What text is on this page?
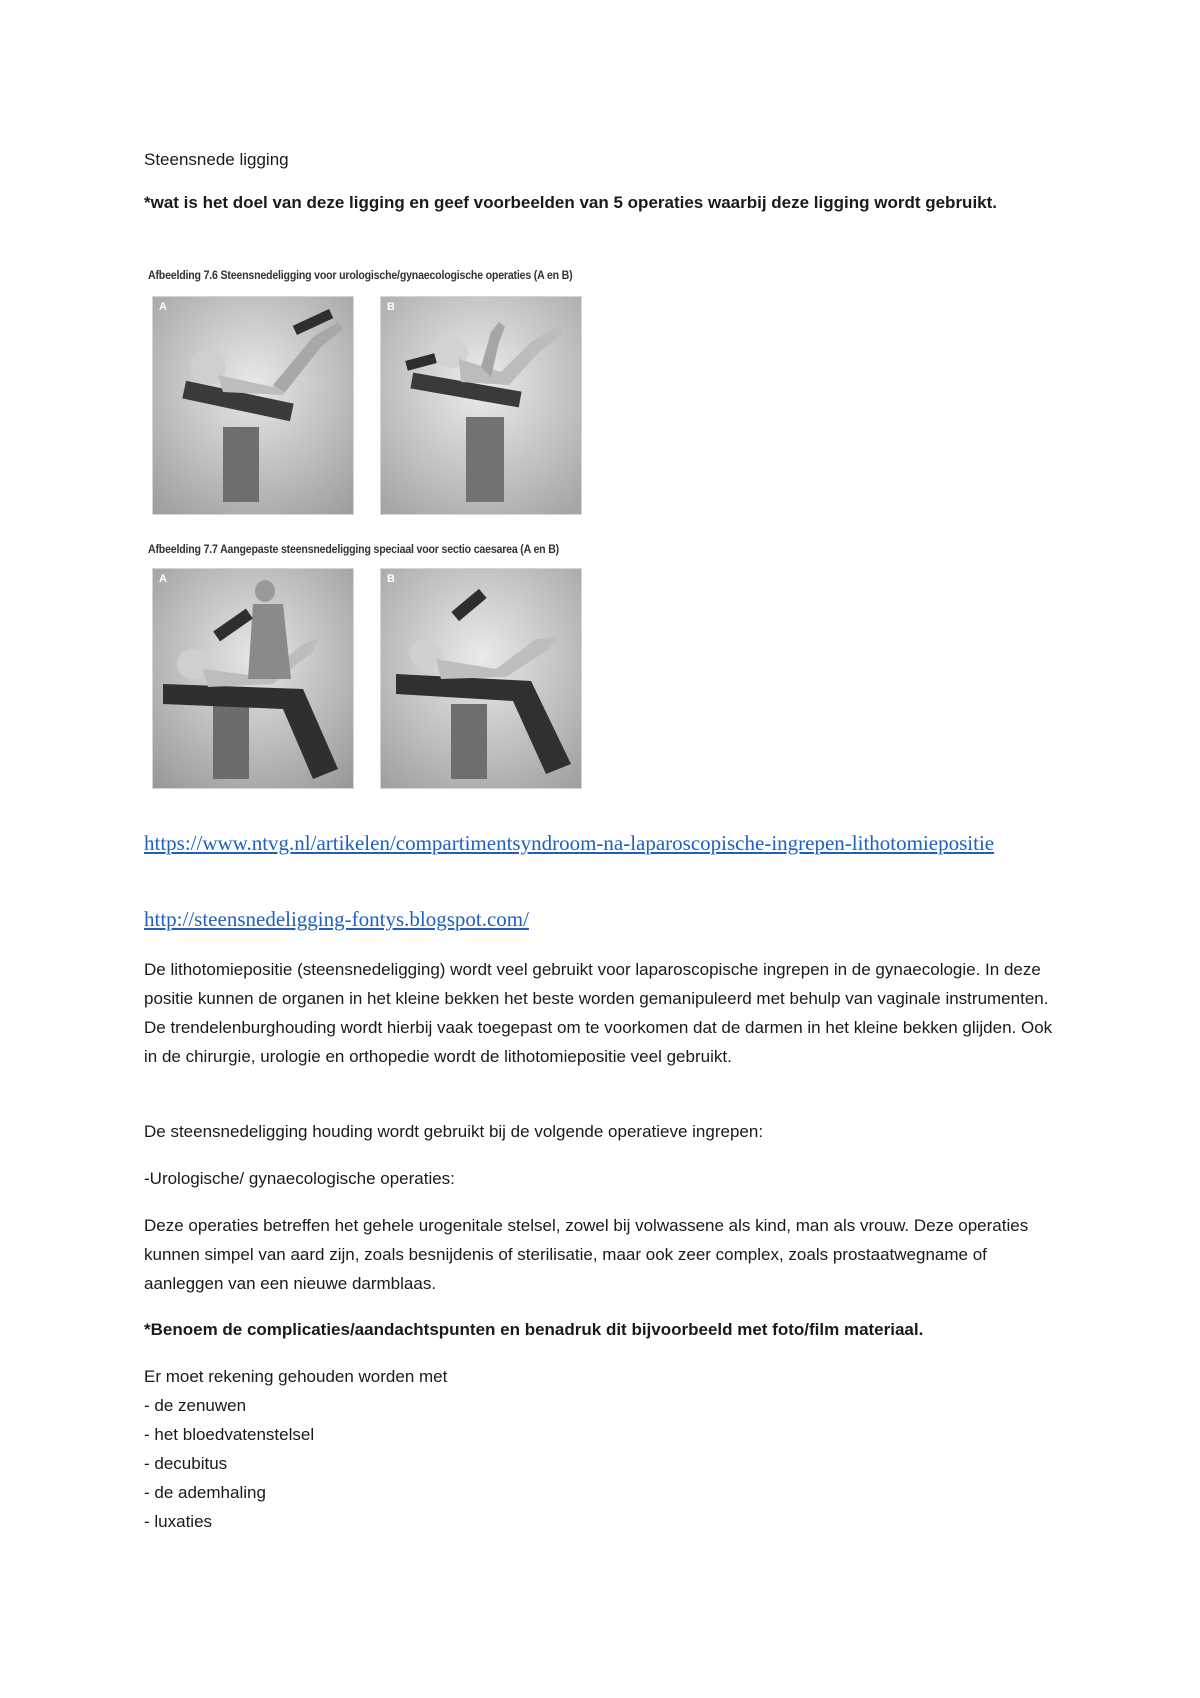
Steensnede ligging

*wat is het doel van deze ligging en geef voorbeelden van 5 operaties waarbij deze ligging wordt gebruikt.

Afbeelding 7.6 Steensnedeligging voor urologische/gynaecologische operaties (A en B)
A	B
Afbeelding 7.7 Aangepaste steensnedeligging speciaal voor sectio caesarea (A en B)
A	B
https://www.ntvg.nl/artikelen/compartimentsyndroom-na-laparoscopische-ingrepen-lithotomiepositie
http://steensnedeligging-fontys.blogspot.com/

De lithotomiepositie (steensnedeligging) wordt veel gebruikt voor laparoscopische ingrepen in de gynaecologie. In deze positie kunnen de organen in het kleine bekken het beste worden gemanipuleerd met behulp van vaginale instrumenten. De trendelenburghouding wordt hierbij vaak toegepast om te voorkomen dat de darmen in het kleine bekken glijden. Ook in de chirurgie, urologie en orthopedie wordt de lithotomiepositie veel gebruikt.

De steensnedeligging houding wordt gebruikt bij de volgende operatieve ingrepen:

-Urologische/ gynaecologische operaties:

Deze operaties betreffen het gehele urogenitale stelsel, zowel bij volwassene als kind, man als vrouw. Deze operaties kunnen simpel van aard zijn, zoals besnijdenis of sterilisatie, maar ook zeer complex, zoals prostaatwegname of aanleggen van een nieuwe darmblaas.

*Benoem de complicaties/aandachtspunten en benadruk dit bijvoorbeeld met foto/film materiaal.

Er moet rekening gehouden worden met

- de zenuwen
- het bloedvatenstelsel
- decubitus
- de ademhaling
- luxaties
